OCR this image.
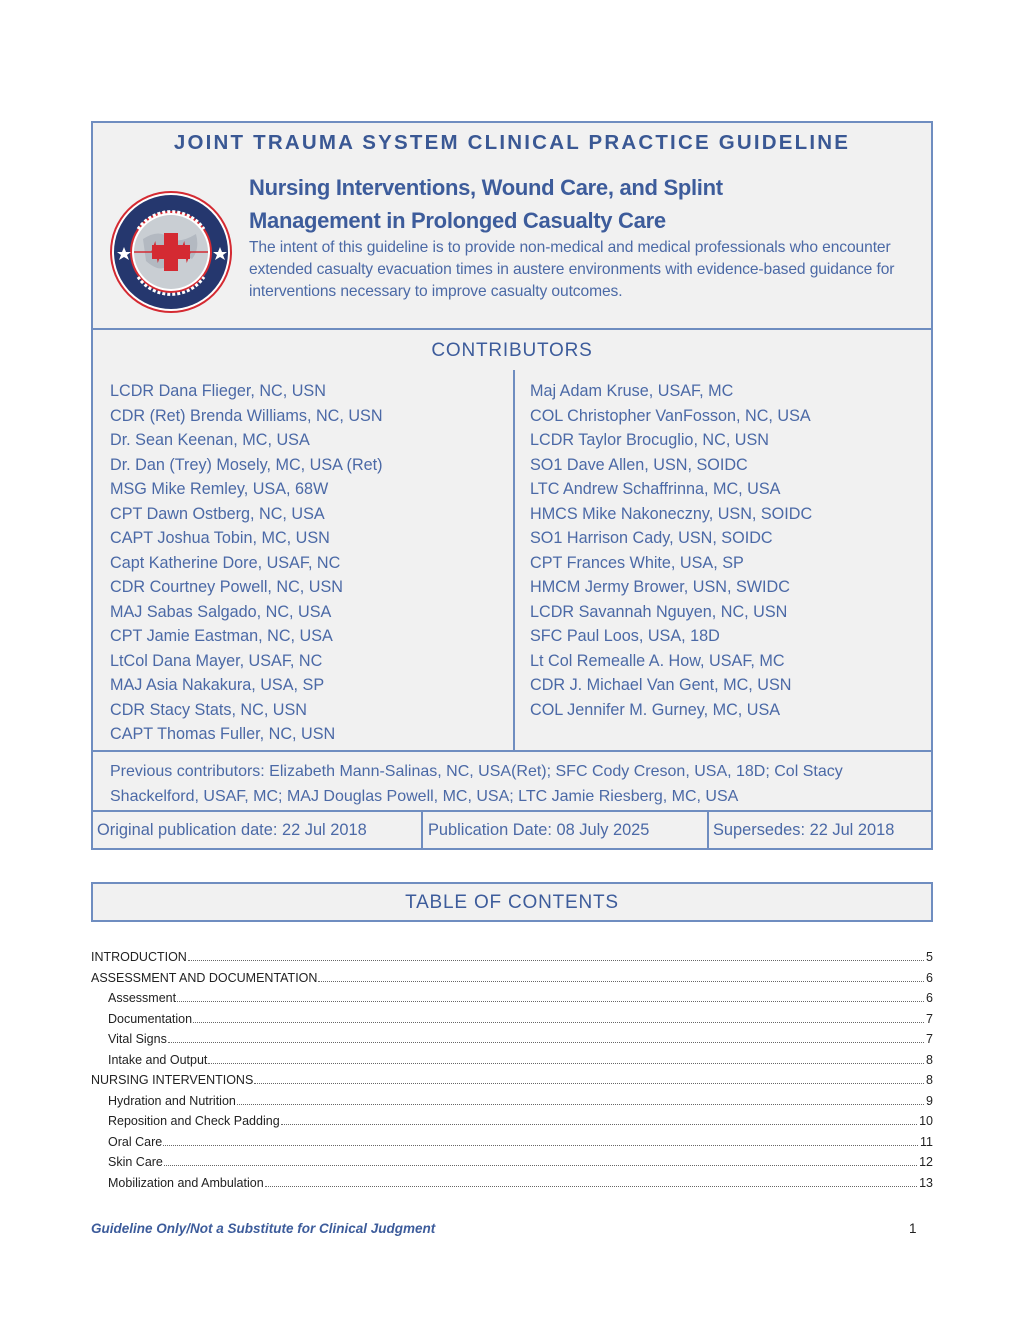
JOINT TRAUMA SYSTEM CLINICAL PRACTICE GUIDELINE
Nursing Interventions, Wound Care, and Splint
Management in Prolonged Casualty Care
The intent of this guideline is to provide non-medical and medical professionals who encounter extended casualty evacuation times in austere environments with evidence-based guidance for interventions necessary to improve casualty outcomes.
CONTRIBUTORS
LCDR Dana Flieger, NC, USN
CDR (Ret) Brenda Williams, NC, USN
Dr. Sean Keenan, MC, USA
Dr. Dan (Trey) Mosely, MC, USA (Ret)
MSG Mike Remley, USA, 68W
CPT Dawn Ostberg, NC, USA
CAPT Joshua Tobin, MC, USN
Capt Katherine Dore, USAF, NC
CDR Courtney Powell, NC, USN
MAJ Sabas Salgado, NC, USA
CPT Jamie Eastman, NC, USA
LtCol Dana Mayer, USAF, NC
MAJ Asia Nakakura, USA, SP
CDR Stacy Stats, NC, USN
CAPT Thomas Fuller, NC, USN
Maj Adam Kruse, USAF, MC
COL Christopher VanFosson, NC, USA
LCDR Taylor Brocuglio, NC, USN
SO1 Dave Allen, USN, SOIDC
LTC Andrew Schaffrinna, MC, USA
HMCS Mike Nakoneczny, USN, SOIDC
SO1 Harrison Cady, USN, SOIDC
CPT Frances White, USA, SP
HMCM Jermy Brower, USN, SWIDC
LCDR Savannah Nguyen, NC, USN
SFC Paul Loos, USA, 18D
Lt Col Remealle A. How, USAF, MC
CDR J. Michael Van Gent, MC, USN
COL Jennifer M. Gurney, MC, USA
Previous contributors: Elizabeth Mann-Salinas, NC, USA(Ret); SFC Cody Creson, USA, 18D; Col Stacy Shackelford, USAF, MC; MAJ Douglas Powell, MC, USA; LTC Jamie Riesberg, MC, USA
Original publication date: 22 Jul 2018	Publication Date: 08 July 2025	Supersedes: 22 Jul 2018
TABLE OF CONTENTS
INTRODUCTION	5
ASSESSMENT AND DOCUMENTATION	6
Assessment	6
Documentation	7
Vital Signs	7
Intake and Output	8
NURSING INTERVENTIONS	8
Hydration and Nutrition	9
Reposition and Check Padding	10
Oral Care	11
Skin Care	12
Mobilization and Ambulation	13
Guideline Only/Not a Substitute for Clinical Judgment	1
